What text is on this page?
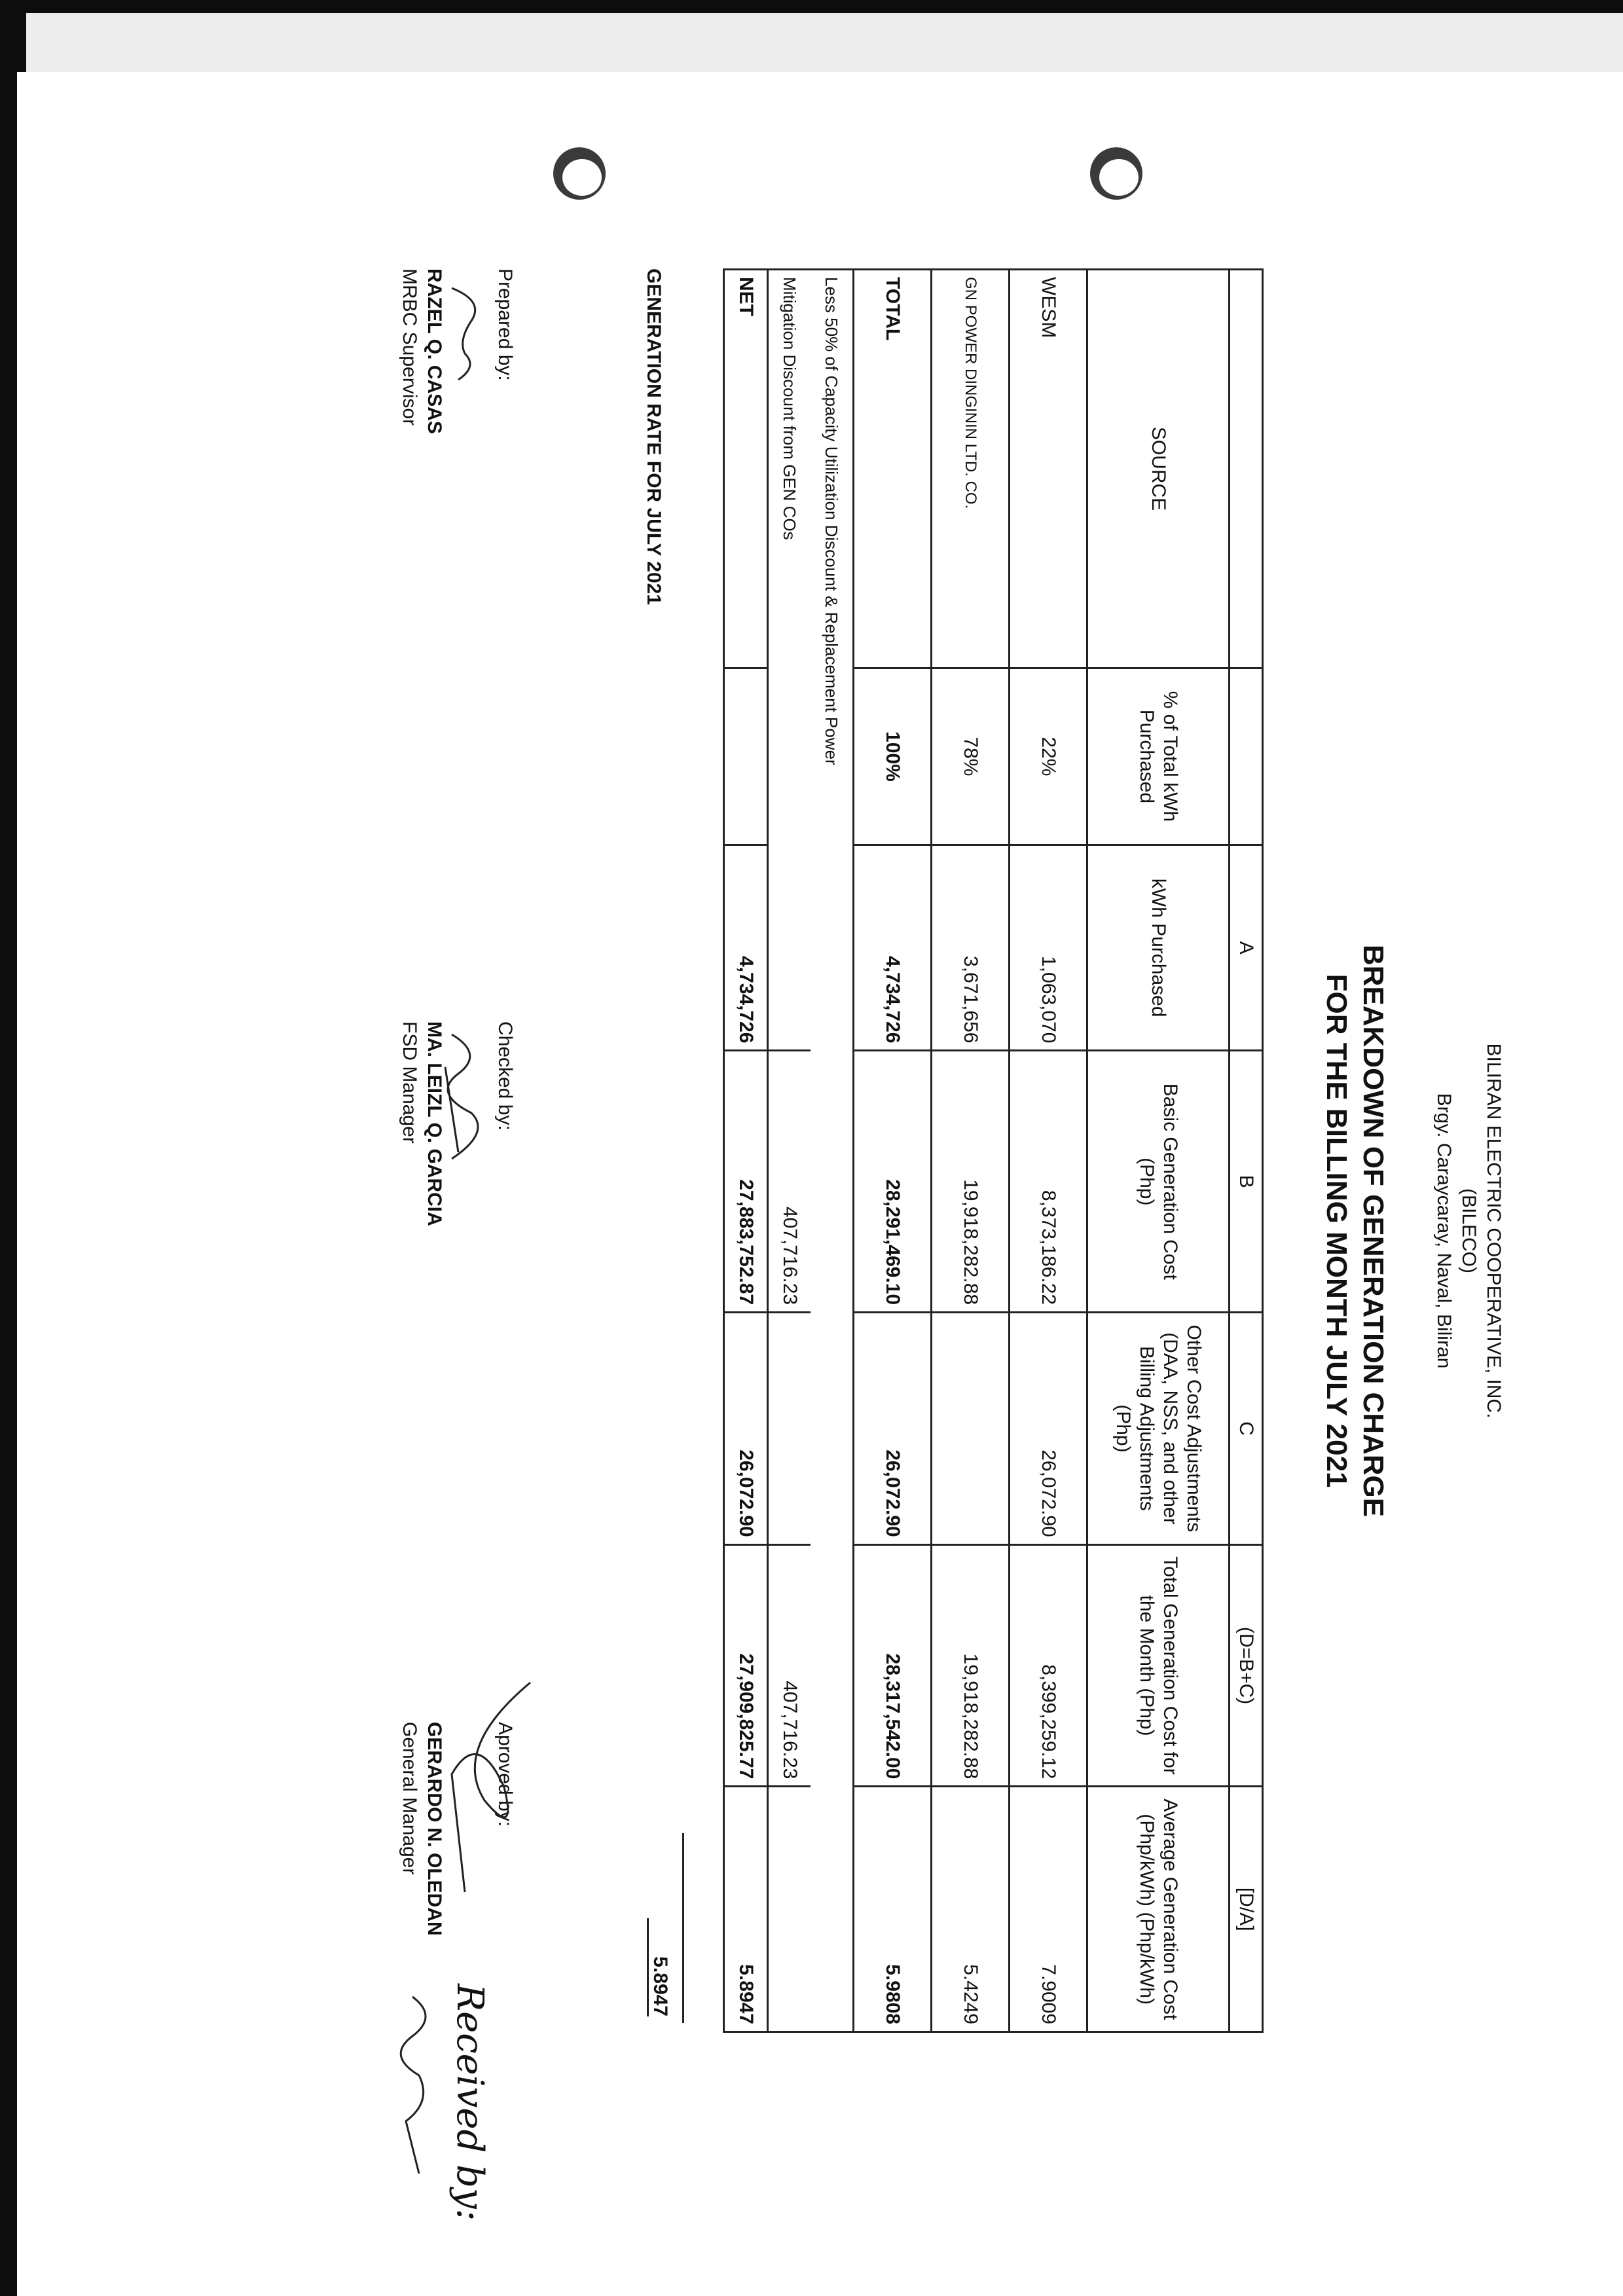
BILIRAN ELECTRIC COOPERATIVE, INC.
(BILECO)
Brgy. Caraycaray, Naval, Biliran
BREAKDOWN OF GENERATION CHARGE
FOR THE BILLING MONTH JULY 2021
		A	B	C	(D=B+C)	[D/A]
SOURCE	% of Total kWh Purchased	kWh Purchased	Basic Generation Cost (Php)	Other Cost Adjustments (DAA, NSS, and other Billing Adjustments (Php)	Total Generation Cost for the Month (Php)	Average Generation Cost (Php/kWh) (Php/kWh)
WESM	22%	1,063,070	8,373,186.22	26,072.90	8,399,259.12	7.9009
GN POWER DINGININ LTD. CO.	78%	3,671,656	19,918,282.88		19,918,282.88	5.4249
TOTAL	100%	4,734,726	28,291,469.10	26,072.90	28,317,542.00	5.9808
Less 50% of Capacity Utilization Discount & Replacement Power						
Mitigation Discount from GEN COs			407,716.23		407,716.23	
NET		4,734,726	27,883,752.87	26,072.90	27,909,825.77	5.8947
GENERATION RATE FOR JULY 2021
5.8947
Prepared by:
RAZEL Q. CASAS
MRBC Supervisor
Checked by:
MA. LEIZL Q. GARCIA
FSD Manager
Aproved by:
GERARDO N. OLEDAN
General Manager
Received by:
